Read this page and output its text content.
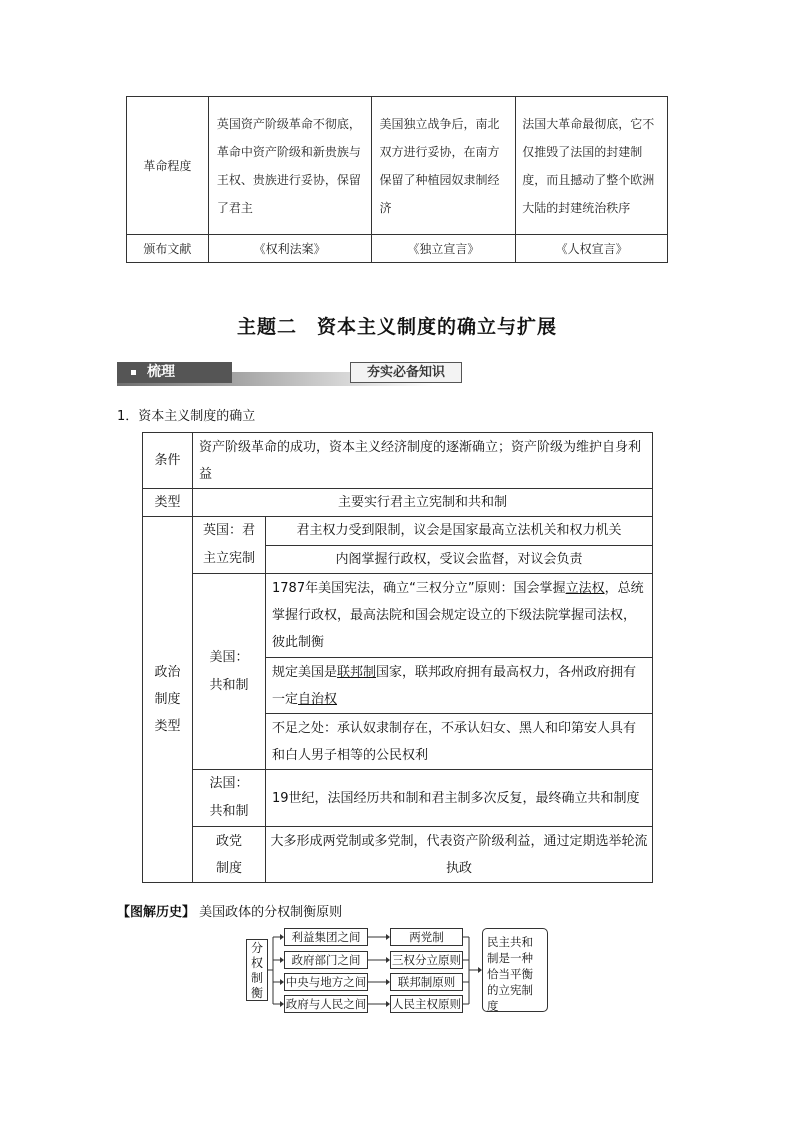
革命程度	英国资产阶级革命不彻底，革命中资产阶级和新贵族与王权、贵族进行妥协，保留了君主	美国独立战争后，南北双方进行妥协，在南方保留了种植园奴隶制经济	法国大革命最彻底，它不仅推毁了法国的封建制度，而且撼动了整个欧洲大陆的封建统治秩序
颁布文献	《权利法案》	《独立宣言》	《人权宣言》
主题二　资本主义制度的确立与扩展
梳理	夯实必备知识
1．资本主义制度的确立
条件	资产阶级革命的成功，资本主义经济制度的逐渐确立；资产阶级为维护自身利益	
类型	主要实行君主立宪制和共和制	

政治制度类型	英国：君主立宪制	君主权力受到限制，议会是国家最高立法机关和权力机关
		内阁掌握行政权，受议会监督，对议会负责

	美国：共和制	1787年美国宪法，确立“三权分立”原则：国会掌握立法权，总统掌握行政权，最高法院和国会规定设立的下级法院掌握司法权，彼此制衡
		规定美国是联邦制国家，联邦政府拥有最高权力，各州政府拥有一定自治权
		不足之处：承认奴隶制存在，不承认妇女、黑人和印第安人具有和白人男子相等的公民权利

	法国：共和制	19世纪，法国经历共和制和君主制多次反复，最终确立共和制度

	政党制度	大多形成两党制或多党制，代表资产阶级利益，通过定期选举轮流执政
【图解历史】 美国政体的分权制衡原则
分权制衡
利益集团之间
政府部门之间
中央与地方之间
政府与人民之间
两党制
三权分立原则
联邦制原则
人民主权原则
民主共和制是一种恰当平衡的立宪制度
